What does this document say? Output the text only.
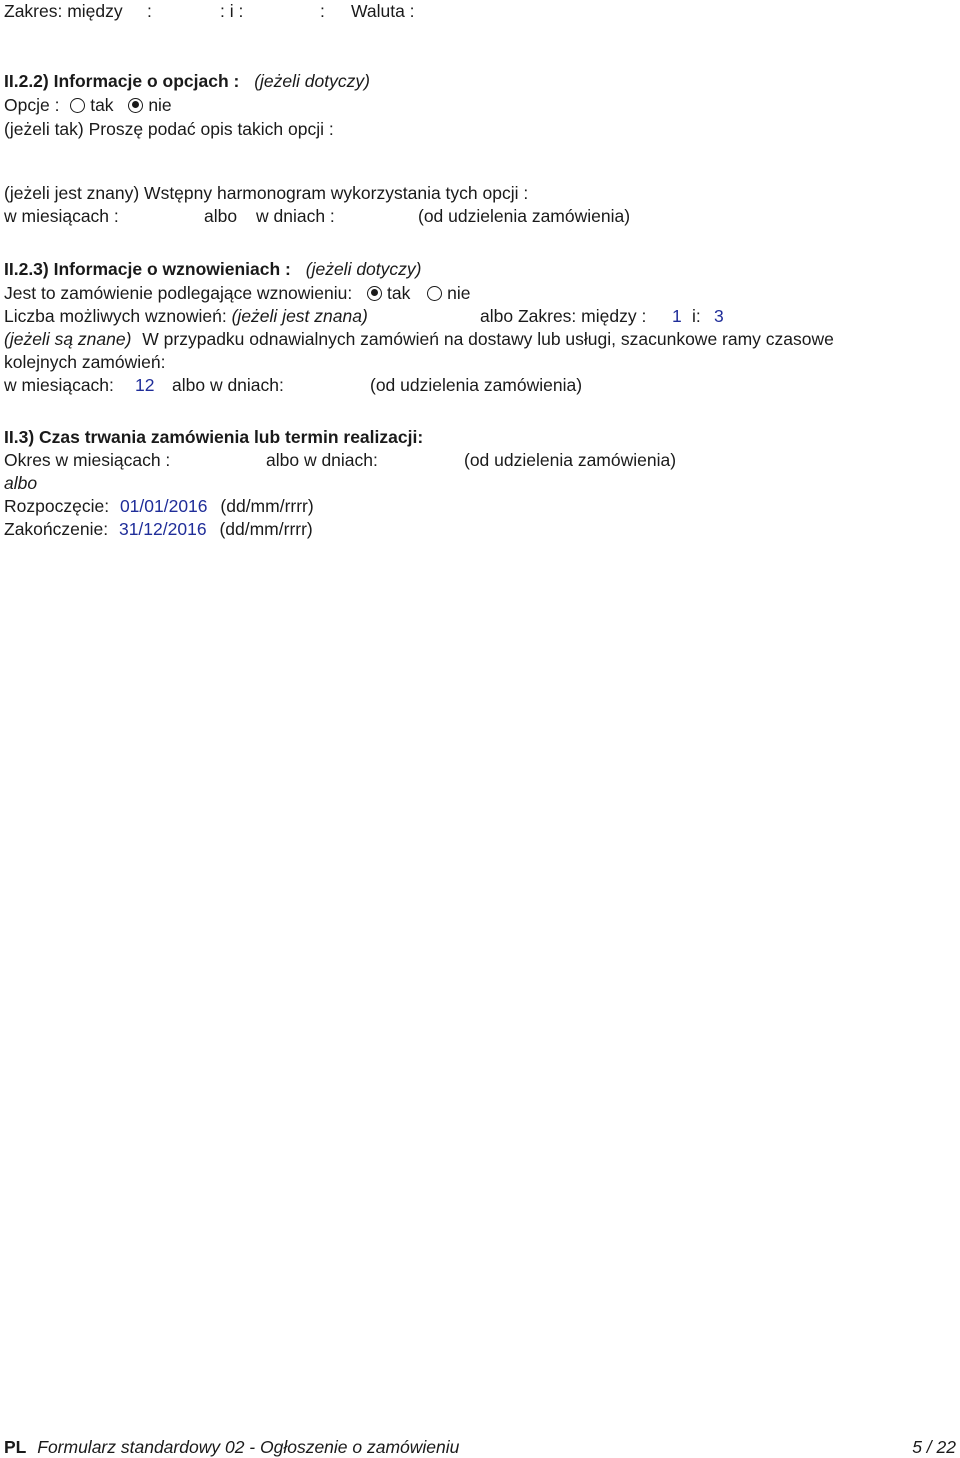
Zakres: między :	: i :	: Waluta :
II.2.2) Informacje o opcjach : (jeżeli dotyczy)
Opcje : tak nie
(jeżeli tak) Proszę podać opis takich opcji :
(jeżeli jest znany) Wstępny harmonogram wykorzystania tych opcji :
w miesiącach :	albo w dniach :	(od udzielenia zamówienia)
II.2.3) Informacje o wznowieniach : (jeżeli dotyczy)
Jest to zamówienie podlegające wznowieniu: tak nie
Liczba możliwych wznowień: (jeżeli jest znana)	albo Zakres: między : 1 i: 3
(jeżeli są znane) W przypadku odnawialnych zamówień na dostawy lub usługi, szacunkowe ramy czasowe
kolejnych zamówień:
w miesiącach: 12 albo w dniach:	(od udzielenia zamówienia)
II.3) Czas trwania zamówienia lub termin realizacji:
Okres w miesiącach :	albo w dniach:	(od udzielenia zamówienia)
albo
Rozpoczęcie: 01/01/2016 (dd/mm/rrrr)
Zakończenie: 31/12/2016 (dd/mm/rrrr)
PL Formularz standardowy 02 - Ogłoszenie o zamówieniu	5 / 22
